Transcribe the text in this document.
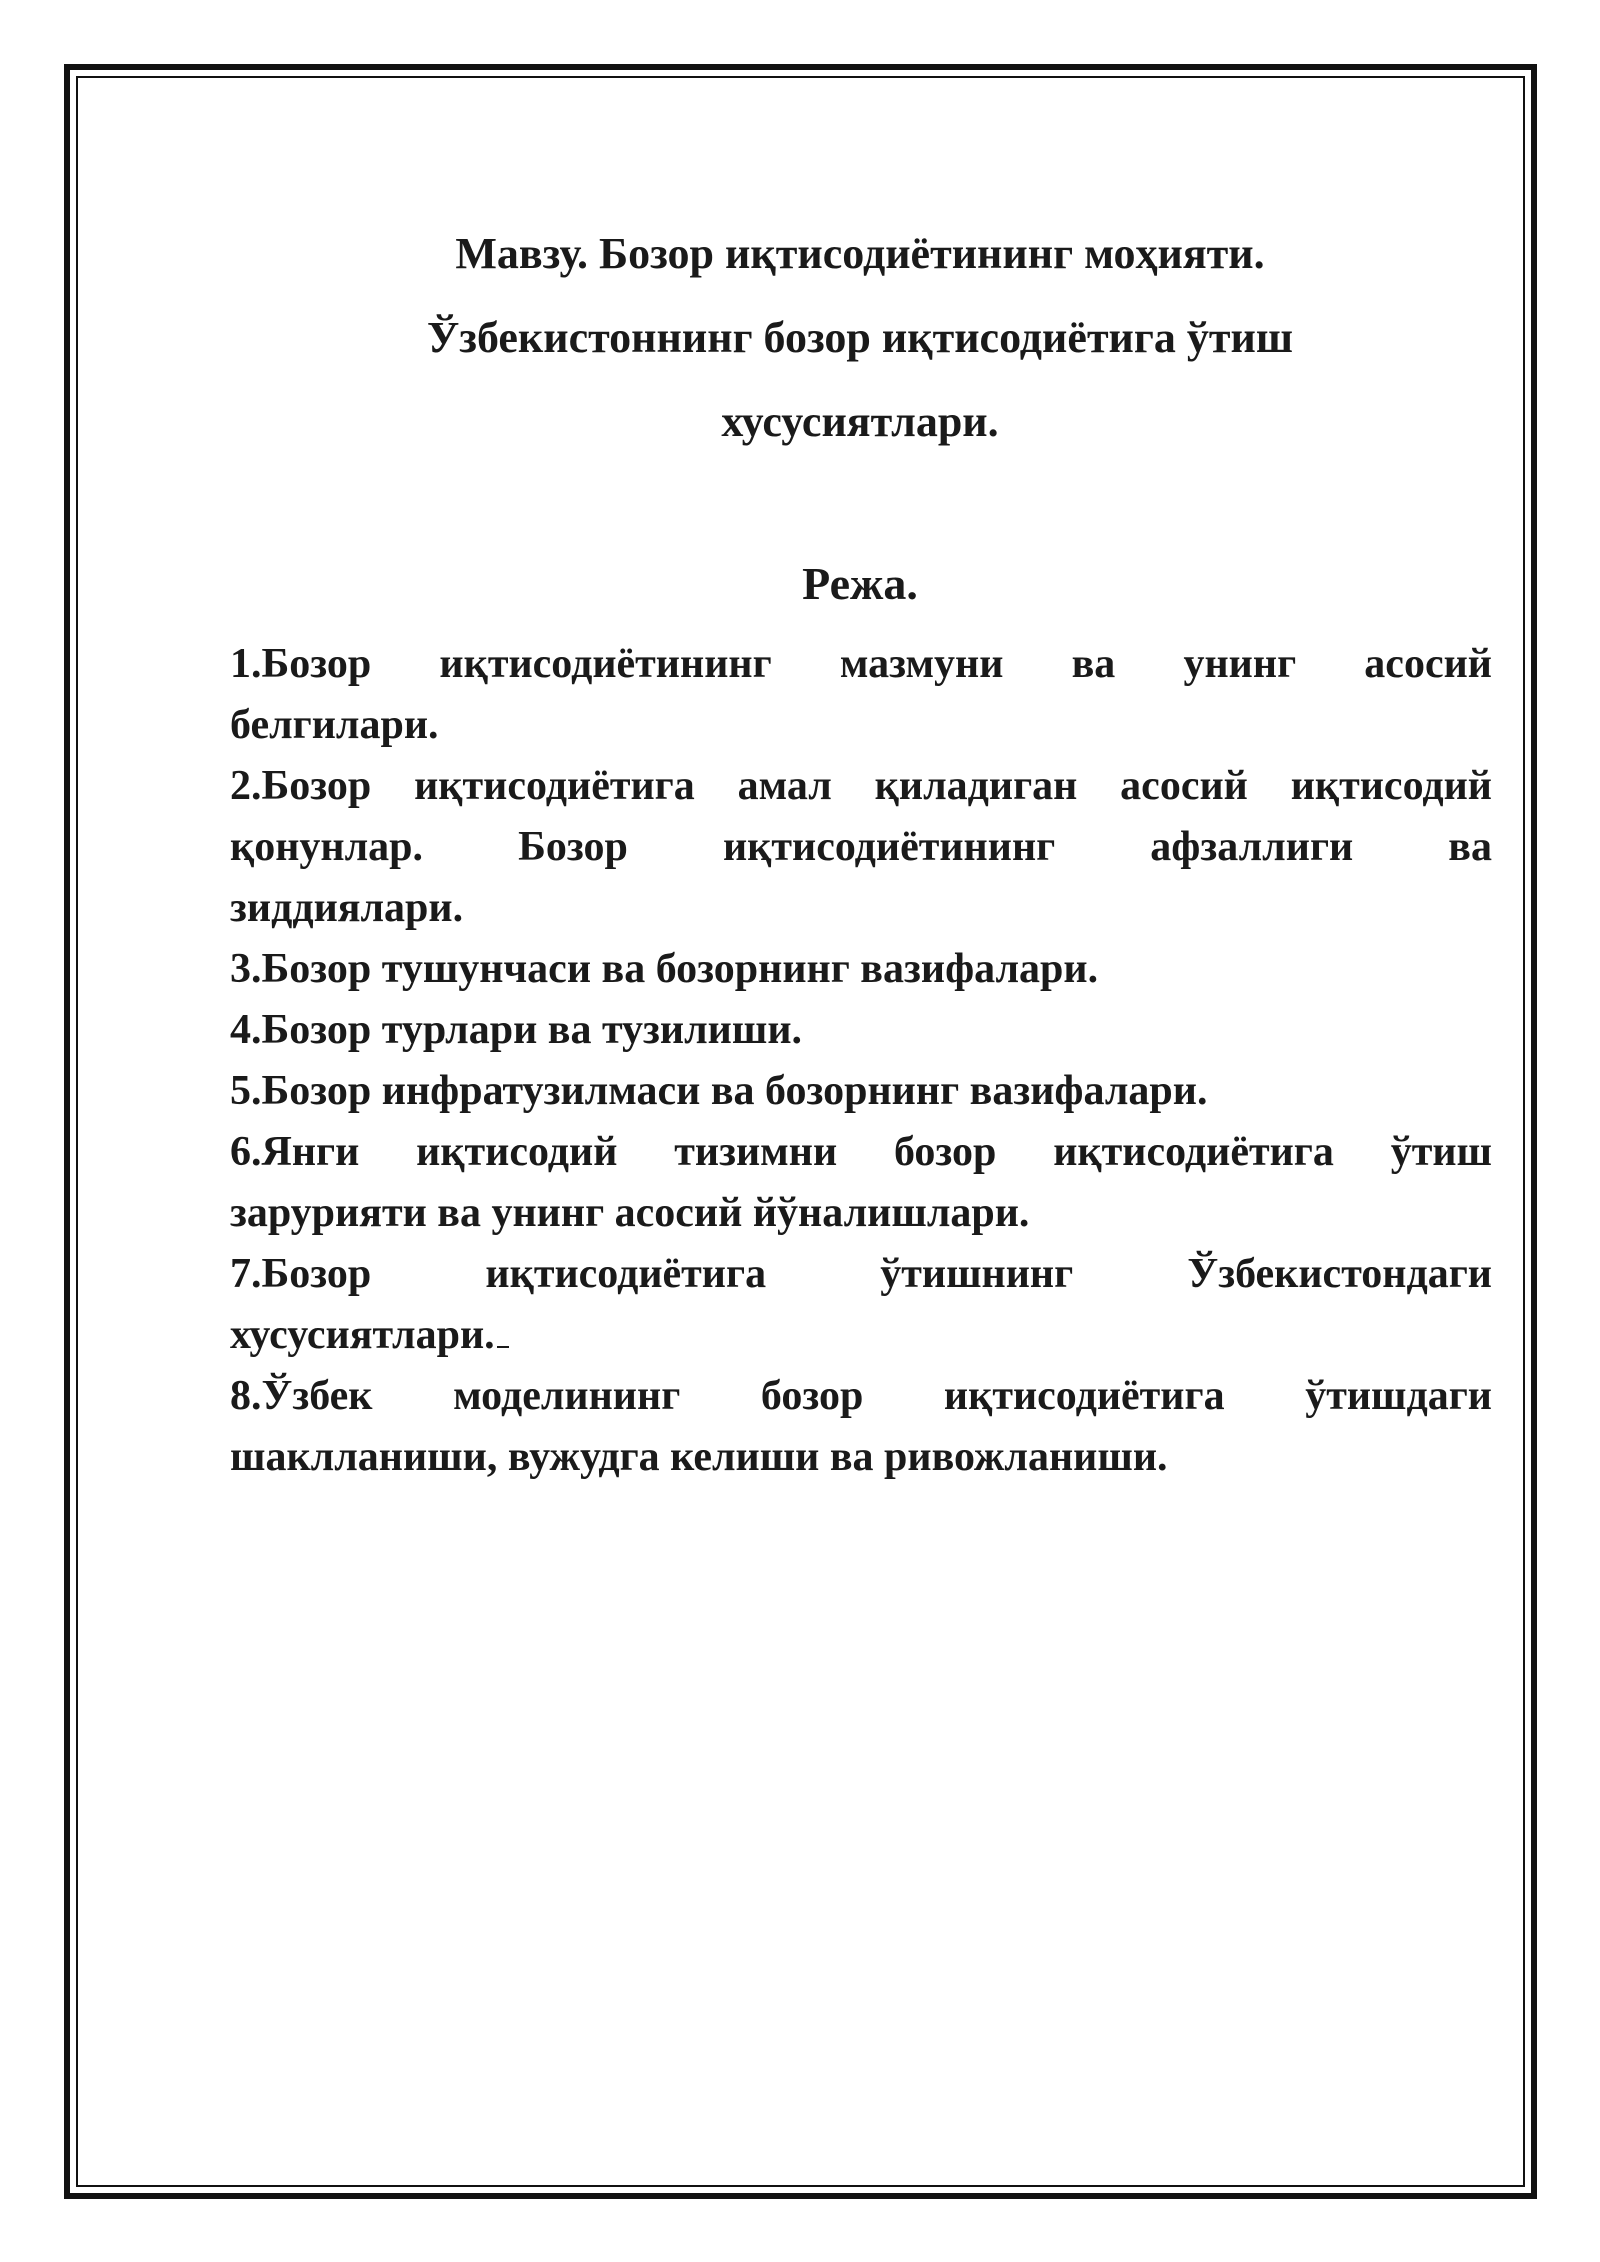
Мавзу. Бозор иқтисодиётининг моҳияти.
Ўзбекистоннинг бозор иқтисодиётига ўтиш
хусусиятлари.
Режа.
1.Бозор иқтисодиётининг мазмуни ва унинг асосий
белгилари.
2.Бозор иқтисодиётига амал қиладиган асосий иқтисодий
қонунлар. Бозор иқтисодиётининг афзаллиги ва
зиддиялари.
3.Бозор тушунчаси ва бозорнинг вазифалари.
4.Бозор турлари ва тузилиши.
5.Бозор инфратузилмаси ва бозорнинг вазифалари.
6.Янги иқтисодий тизимни бозор иқтисодиётига ўтиш
зарурияти ва унинг асосий йўналишлари.
7.Бозор иқтисодиётига ўтишнинг Ўзбекистондаги
хусусиятлари.
8.Ўзбек моделининг бозор иқтисодиётига ўтишдаги
шаклланиши, вужудга келиши ва ривожланиши.
